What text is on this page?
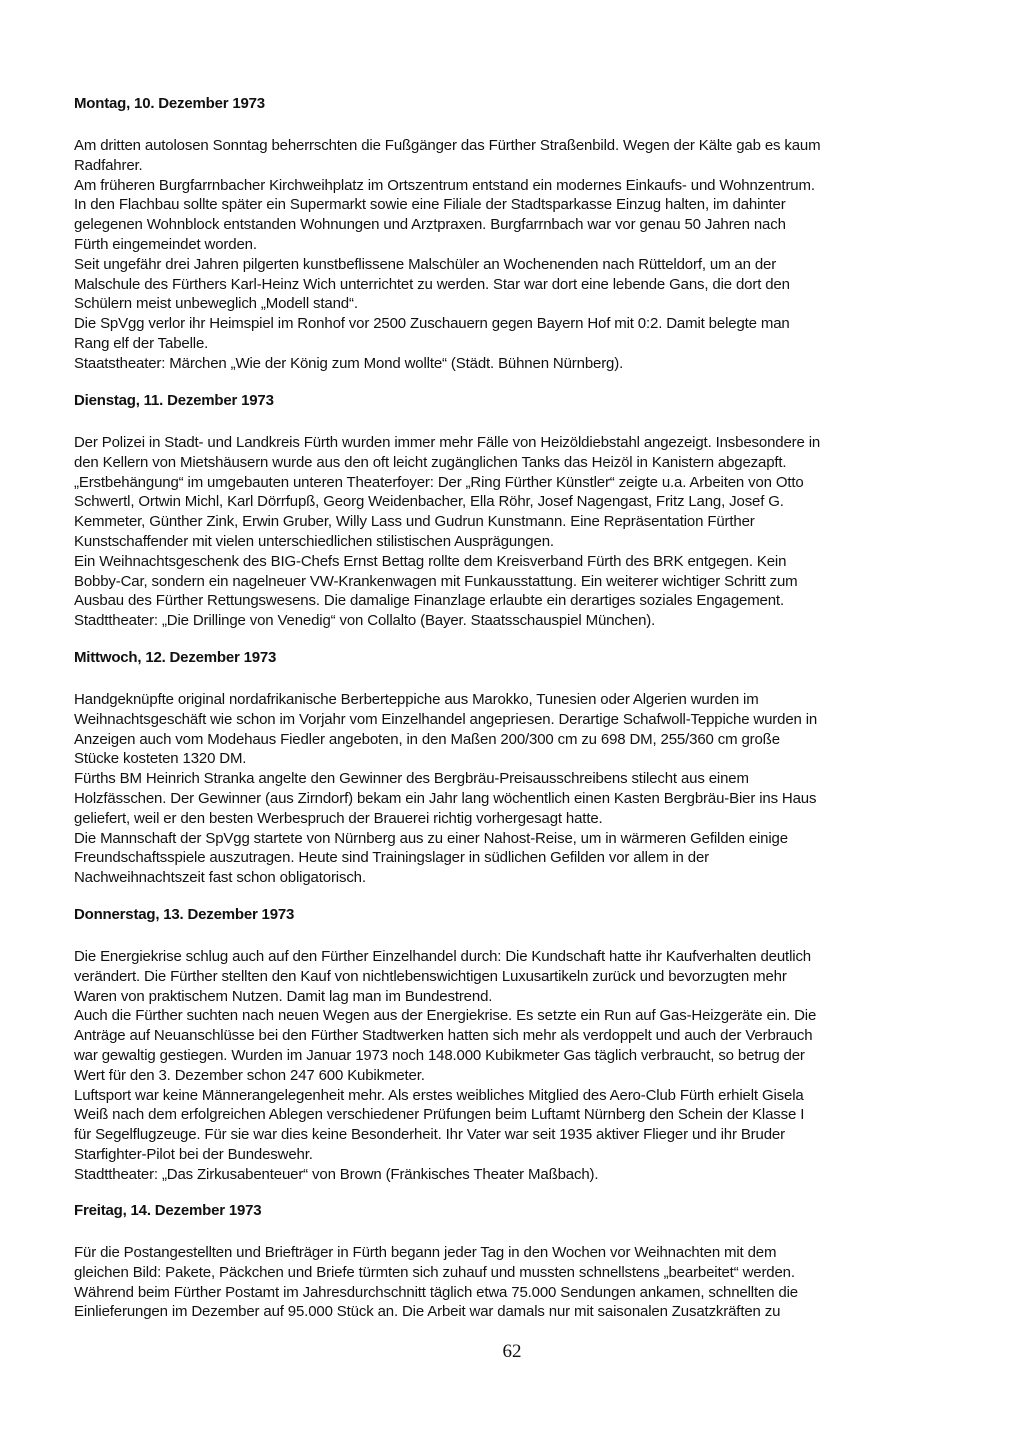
Montag, 10. Dezember 1973
Am dritten autolosen Sonntag beherrschten die Fußgänger das Fürther Straßenbild. Wegen der Kälte gab es kaum
Radfahrer.
Am früheren Burgfarrnbacher Kirchweihplatz im Ortszentrum entstand ein modernes Einkaufs- und Wohnzentrum.
In den Flachbau sollte später ein Supermarkt sowie eine Filiale der Stadtsparkasse Einzug halten, im dahinter
gelegenen Wohnblock entstanden Wohnungen und Arztpraxen. Burgfarrnbach war vor genau 50 Jahren nach
Fürth eingemeindet worden.
Seit ungefähr drei Jahren pilgerten kunstbeflissene Malschüler an Wochenenden nach Rütteldorf, um an der
Malschule des Fürthers Karl-Heinz Wich unterrichtet zu werden. Star war dort eine lebende Gans, die dort den
Schülern meist unbeweglich „Modell stand“.
Die SpVgg verlor ihr Heimspiel im Ronhof vor 2500 Zuschauern gegen Bayern Hof mit 0:2. Damit belegte man
Rang elf der Tabelle.
Staatstheater: Märchen „Wie der König zum Mond wollte“ (Städt. Bühnen Nürnberg).
Dienstag, 11. Dezember 1973
Der Polizei in Stadt- und Landkreis Fürth wurden immer mehr Fälle von Heizöldiebstahl angezeigt. Insbesondere in
den Kellern von Mietshäusern wurde aus den oft leicht zugänglichen Tanks das Heizöl in Kanistern abgezapft.
„Erstbehängung“ im umgebauten unteren Theaterfoyer: Der „Ring Fürther Künstler“ zeigte u.a. Arbeiten von Otto
Schwertl, Ortwin Michl, Karl Dörrfupß, Georg Weidenbacher, Ella Röhr, Josef Nagengast, Fritz Lang, Josef G.
Kemmeter, Günther Zink, Erwin Gruber, Willy Lass und Gudrun Kunstmann. Eine Repräsentation Fürther
Kunstschaffender mit vielen unterschiedlichen stilistischen Ausprägungen.
Ein Weihnachtsgeschenk des BIG-Chefs Ernst Bettag rollte dem Kreisverband Fürth des BRK entgegen. Kein
Bobby-Car, sondern ein nagelneuer VW-Krankenwagen mit Funkausstattung. Ein weiterer wichtiger Schritt zum
Ausbau des Fürther Rettungswesens. Die damalige Finanzlage erlaubte ein derartiges soziales Engagement.
Stadttheater: „Die Drillinge von Venedig“ von Collalto (Bayer. Staatsschauspiel München).
Mittwoch, 12. Dezember 1973
Handgeknüpfte original nordafrikanische Berberteppiche aus Marokko, Tunesien oder Algerien wurden im
Weihnachtsgeschäft wie schon im Vorjahr vom Einzelhandel angepriesen. Derartige Schafwoll-Teppiche wurden in
Anzeigen auch vom Modehaus Fiedler angeboten, in den Maßen 200/300 cm zu 698 DM, 255/360 cm große
Stücke kosteten 1320 DM.
Fürths BM Heinrich Stranka angelte den Gewinner des Bergbräu-Preisausschreibens stilecht aus einem
Holzfässchen. Der Gewinner (aus Zirndorf) bekam ein Jahr lang wöchentlich einen Kasten Bergbräu-Bier ins Haus
geliefert, weil er den besten Werbespruch der Brauerei richtig vorhergesagt hatte.
Die Mannschaft der SpVgg startete von Nürnberg aus zu einer Nahost-Reise, um in wärmeren Gefilden einige
Freundschaftsspiele auszutragen. Heute sind Trainingslager in südlichen Gefilden vor allem in der
Nachweihnachtszeit fast schon obligatorisch.
Donnerstag, 13. Dezember 1973
Die Energiekrise schlug auch auf den Fürther Einzelhandel durch: Die Kundschaft hatte ihr Kaufverhalten deutlich
verändert. Die Fürther stellten den Kauf von nichtlebenswichtigen Luxusartikeln zurück und bevorzugten mehr
Waren von praktischem Nutzen. Damit lag man im Bundestrend.
Auch die Fürther suchten nach neuen Wegen aus der Energiekrise. Es setzte ein Run auf Gas-Heizgeräte ein. Die
Anträge auf Neuanschlüsse bei den Fürther Stadtwerken hatten sich mehr als verdoppelt und auch der Verbrauch
war gewaltig gestiegen. Wurden im Januar 1973 noch 148.000 Kubikmeter Gas täglich verbraucht, so betrug der
Wert für den 3. Dezember schon 247 600 Kubikmeter.
Luftsport war keine Männerangelegenheit mehr. Als erstes weibliches Mitglied des Aero-Club Fürth erhielt Gisela
Weiß nach dem erfolgreichen Ablegen verschiedener Prüfungen beim Luftamt Nürnberg den Schein der Klasse I
für Segelflugzeuge. Für sie war dies keine Besonderheit. Ihr Vater war seit 1935 aktiver Flieger und ihr Bruder
Starfighter-Pilot bei der Bundeswehr.
Stadttheater: „Das Zirkusabenteuer“ von Brown (Fränkisches Theater Maßbach).
Freitag, 14. Dezember 1973
Für die Postangestellten und Briefträger in Fürth begann jeder Tag in den Wochen vor Weihnachten mit dem
gleichen Bild: Pakete, Päckchen und Briefe türmten sich zuhauf und mussten schnellstens „bearbeitet“ werden.
Während beim Fürther Postamt im Jahresdurchschnitt täglich etwa 75.000 Sendungen ankamen, schnellten die
Einlieferungen im Dezember auf 95.000 Stück an. Die Arbeit war damals nur mit saisonalen Zusatzkräften zu
62
